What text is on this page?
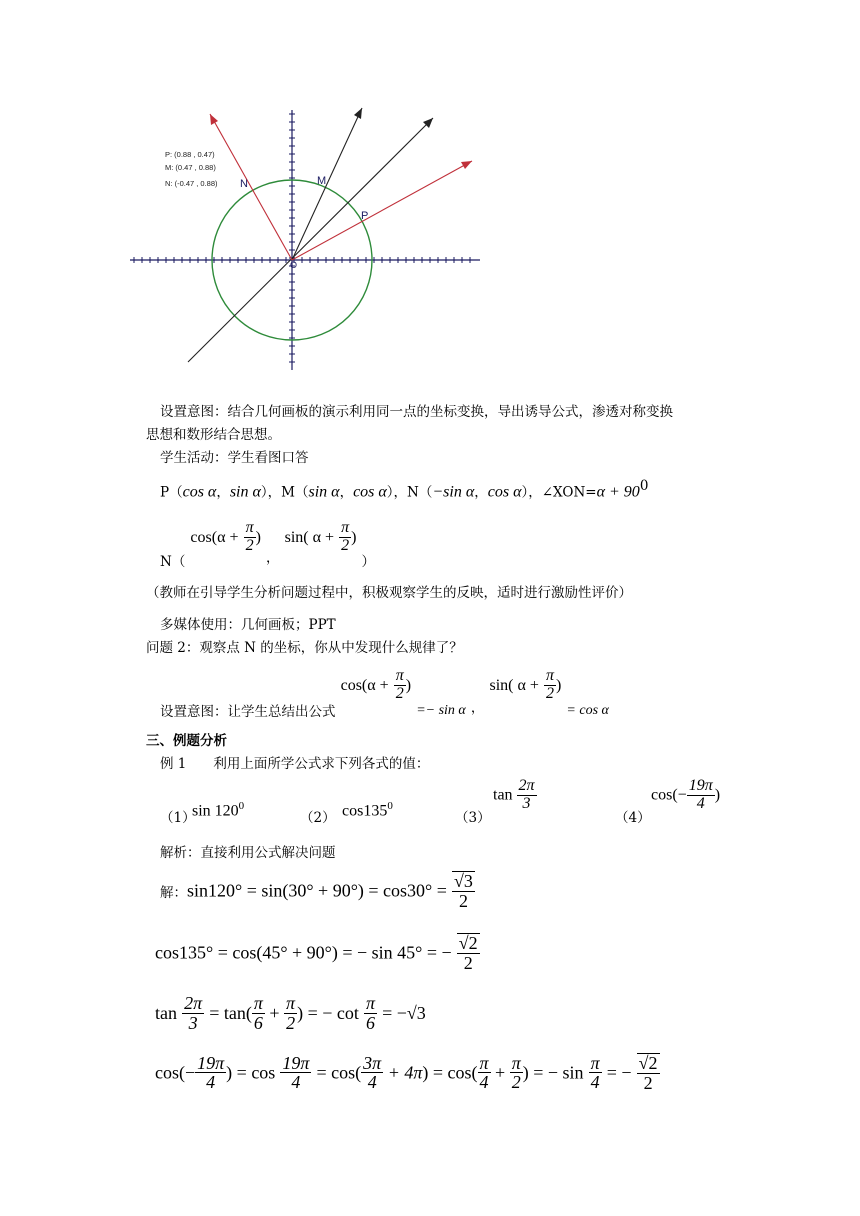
P: (0.88 , 0.47)
M: (0.47 , 0.88)
N: (-0.47 , 0.88) N	M
P
O
设置意图：结合几何画板的演示利用同一点的坐标变换，导出诱导公式，渗透对称变换
思想和数形结合思想。
学生活动：学生看图口答
P（cos α，sin α），M（sin α，cos α），N（−sin α，cos α），∠XON=α + $90^0$
$_{N(}$ $\cos(\alpha + \frac{\pi}{2}$ ) $_,$ sin( $\alpha + \frac{\pi}{2}$ ) $_)$
（教师在引导学生分析问题过程中，积极观察学生的反映，适时进行激励性评价）
多媒体使用：几何画板；PPT
问题 2：观察点 N 的坐标，你从中发现什么规律了？
$_{设置意图:让学生总结出公式}$ $\cos(\alpha + \frac{\pi}{2}$ ) =− sin α $_,$ sin( $\alpha + \frac{\pi}{2}$ ) = cos α
三、例题分析
例 1　　利用上面所学公式求下列各式的值：
（1）
$\sin 120^0$
（2） $\cos 135^0$
（3）
$\tan \frac{2\pi}{3}$
（4）
$\cos(- \frac{19\pi}{4}$ )
解析：直接利用公式解决问题
解：$\sin 120^\circ = \sin(30^\circ + 90^\circ) = \cos 30^\circ = \frac{√3}{2}$
cos135° = cos(45° + 90°) = − sin 45° = − $\frac{√2}{2}$
$\tan \frac{2\pi}{3} = \tan( \frac{\pi}{6} + \frac{\pi}{2}$ ) = − $\cot \frac{\pi}{6} = -√3$
$\cos(- \frac{19\pi}{4}$ ) = $\cos \frac{19\pi}{4} = \cos( \frac{3\pi}{4} + 4\pi) = \cos( \frac{\pi}{4} + \frac{\pi}{2}$ ) = − $\sin \frac{\pi}{4}$ = − $\frac{√2}{2}$
